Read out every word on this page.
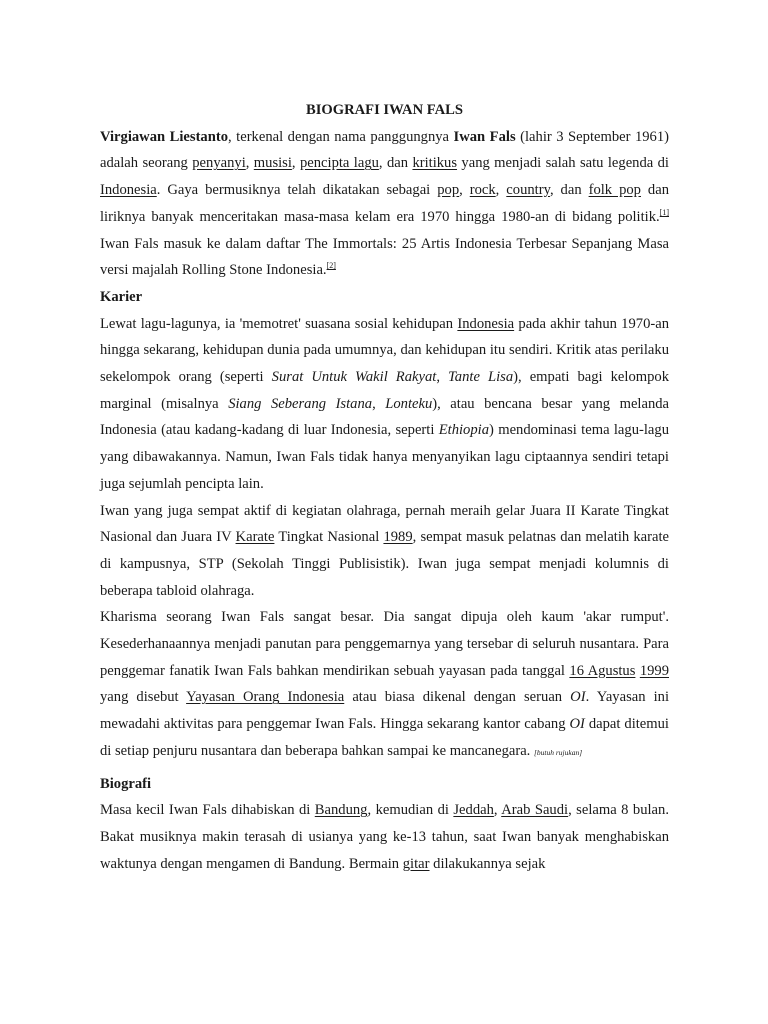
BIOGRAFI IWAN FALS

Virgiawan Liestanto, terkenal dengan nama panggungnya Iwan Fals (lahir 3 September 1961) adalah seorang penyanyi, musisi, pencipta lagu, dan kritikus yang menjadi salah satu legenda di Indonesia. Gaya bermusiknya telah dikatakan sebagai pop, rock, country, dan folk pop dan liriknya banyak menceritakan masa-masa kelam era 1970 hingga 1980-an di bidang politik.[1] Iwan Fals masuk ke dalam daftar The Immortals: 25 Artis Indonesia Terbesar Sepanjang Masa versi majalah Rolling Stone Indonesia.[2]

Karier

Lewat lagu-lagunya, ia 'memotret' suasana sosial kehidupan Indonesia pada akhir tahun 1970-an hingga sekarang, kehidupan dunia pada umumnya, dan kehidupan itu sendiri. Kritik atas perilaku sekelompok orang (seperti Surat Untuk Wakil Rakyat, Tante Lisa), empati bagi kelompok marginal (misalnya Siang Seberang Istana, Lonteku), atau bencana besar yang melanda Indonesia (atau kadang-kadang di luar Indonesia, seperti Ethiopia) mendominasi tema lagu-lagu yang dibawakannya. Namun, Iwan Fals tidak hanya menyanyikan lagu ciptaannya sendiri tetapi juga sejumlah pencipta lain.

Iwan yang juga sempat aktif di kegiatan olahraga, pernah meraih gelar Juara II Karate Tingkat Nasional dan Juara IV Karate Tingkat Nasional 1989, sempat masuk pelatnas dan melatih karate di kampusnya, STP (Sekolah Tinggi Publisistik). Iwan juga sempat menjadi kolumnis di beberapa tabloid olahraga.

Kharisma seorang Iwan Fals sangat besar. Dia sangat dipuja oleh kaum 'akar rumput'. Kesederhanaannya menjadi panutan para penggemarnya yang tersebar di seluruh nusantara. Para penggemar fanatik Iwan Fals bahkan mendirikan sebuah yayasan pada tanggal 16 Agustus 1999 yang disebut Yayasan Orang Indonesia atau biasa dikenal dengan seruan OI. Yayasan ini mewadahi aktivitas para penggemar Iwan Fals. Hingga sekarang kantor cabang OI dapat ditemui di setiap penjuru nusantara dan beberapa bahkan sampai ke mancanegara. [butuh rujukan]

Biografi

Masa kecil Iwan Fals dihabiskan di Bandung, kemudian di Jeddah, Arab Saudi, selama 8 bulan. Bakat musiknya makin terasah di usianya yang ke-13 tahun, saat Iwan banyak menghabiskan waktunya dengan mengamen di Bandung. Bermain gitar dilakukannya sejak
